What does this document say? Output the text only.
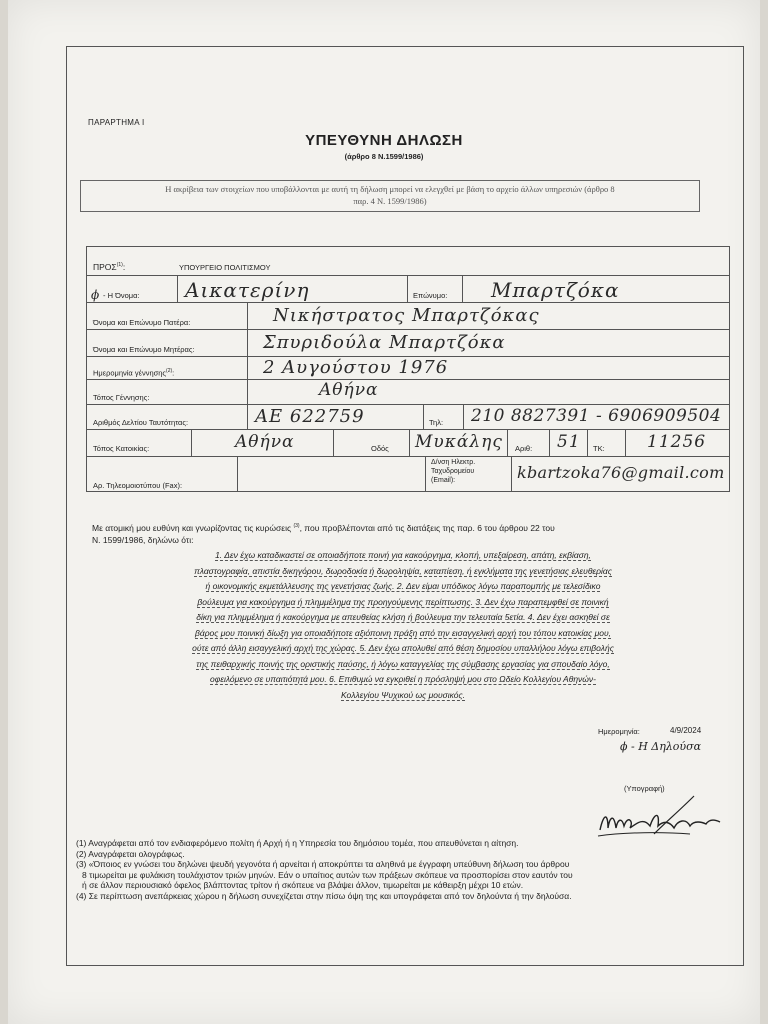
ΠΑΡΑΡΤΗΜΑ Ι
ΥΠΕΥΘΥΝΗ ΔΗΛΩΣΗ
(άρθρο 8 Ν.1599/1986)
Η ακρίβεια των στοιχείων που υποβάλλονται με αυτή τη δήλωση μπορεί να ελεγχθεί με βάση το αρχείο άλλων υπηρεσιών (άρθρο 8
παρ. 4 Ν. 1599/1986)
ΠΡΟΣ$^{(1)}$:	ΥΠΟΥΡΓΕΙΟ ΠΟΛΙΤΙΣΜΟΥ
ϕ - Η Όνομα: Αικατερίνη	Επώνυμο: Μπαρτζόκα
Όνομα και Επώνυμο Πατέρα:	Νικήστρατος Μπαρτζόκας
Όνομα και Επώνυμο Μητέρας:	Σπυριδούλα Μπαρτζόκα
Ημερομηνία γέννησης$^{(2)}$:	2 Αυγούστου 1976
Τόπος Γέννησης:	Αθήνα
Αριθμός Δελτίου Ταυτότητας:	ΑΕ 622759	Τηλ: 210 8827391 - 6906909504
Τόπος Κατοικίας:	Αθήνα	Οδός Μυκάλης Αριθ: 51 ΤΚ: 11256
Αρ. Τηλεομοιοτύπου (Fax):
Δ/νση Ηλεκτρ.
Ταχυδρομείου
(Εmail):	kbartzoka76@gmail.com
Με ατομική μου ευθύνη και γνωρίζοντας τις κυρώσεις $^{(3)}$, που προβλέπονται από τις διατάξεις της παρ. 6 του άρθρου 22 του
Ν. 1599/1986, δηλώνω ότι:
1. Δεν έχω καταδικαστεί σε οποιαδήποτε ποινή για κακούργημα, κλοπή, υπεξαίρεση, απάτη, εκβίαση,
πλαστογραφία, απιστία δικηγόρου, δωροδοκία ή δωροληψία, καταπίεση, ή εγκλήματα της γενετήσιας ελευθερίας
ή οικονομικής εκμετάλλευσης της γενετήσιας ζωής. 2. Δεν είμαι υπόδικος λόγω παραπομπής με τελεσίδικο
βούλευμα για κακούργημα ή πλημμέλημα της προηγούμενης περίπτωσης. 3. Δεν έχω παραπεμφθεί σε ποινική
δίκη για πλημμέλημα ή κακούργημα με απευθείας κλήση ή βούλευμα την τελευταία 5ετία. 4. Δεν έχει ασκηθεί σε
βάρος μου ποινική δίωξη για οποιαδήποτε αξιόποινη πράξη από την εισαγγελική αρχή του τόπου κατοικίας μου,
ούτε από άλλη εισαγγελική αρχή της χώρας. 5. Δεν έχω απολυθεί από θέση δημοσίου υπαλλήλου λόγω επιβολής
της πειθαρχικής ποινής της οριστικής παύσης, ή λόγω καταγγελίας της σύμβασης εργασίας για σπουδαίο λόγο,
οφειλόμενο σε υπαιτιότητά μου. 6. Επιθυμώ να εγκριθεί η πρόσληψή μου στο Ωδείο Κολλεγίου Αθηνών-
Κολλεγίου Ψυχικού ως μουσικός.
Ημερομηνία:	4/9/2024
ϕ - Η Δηλούσα
(Υπογραφή)
(1) Αναγράφεται από τον ενδιαφερόμενο πολίτη ή Αρχή ή η Υπηρεσία του δημόσιου τομέα, που απευθύνεται η αίτηση.
(2) Αναγράφεται ολογράφως.
(3) «Όποιος εν γνώσει του δηλώνει ψευδή γεγονότα ή αρνείται ή αποκρύπτει τα αληθινά με έγγραφη υπεύθυνη δήλωση του άρθρου
8 τιμωρείται με φυλάκιση τουλάχιστον τριών μηνών. Εάν ο υπαίτιος αυτών των πράξεων σκόπευε να προσπορίσει στον εαυτόν του
ή σε άλλον περιουσιακό όφελος βλάπτοντας τρίτον ή σκόπευε να βλάψει άλλον, τιμωρείται με κάθειρξη μέχρι 10 ετών.
(4) Σε περίπτωση ανεπάρκειας χώρου η δήλωση συνεχίζεται στην πίσω όψη της και υπογράφεται από τον δηλούντα ή την δηλούσα.
